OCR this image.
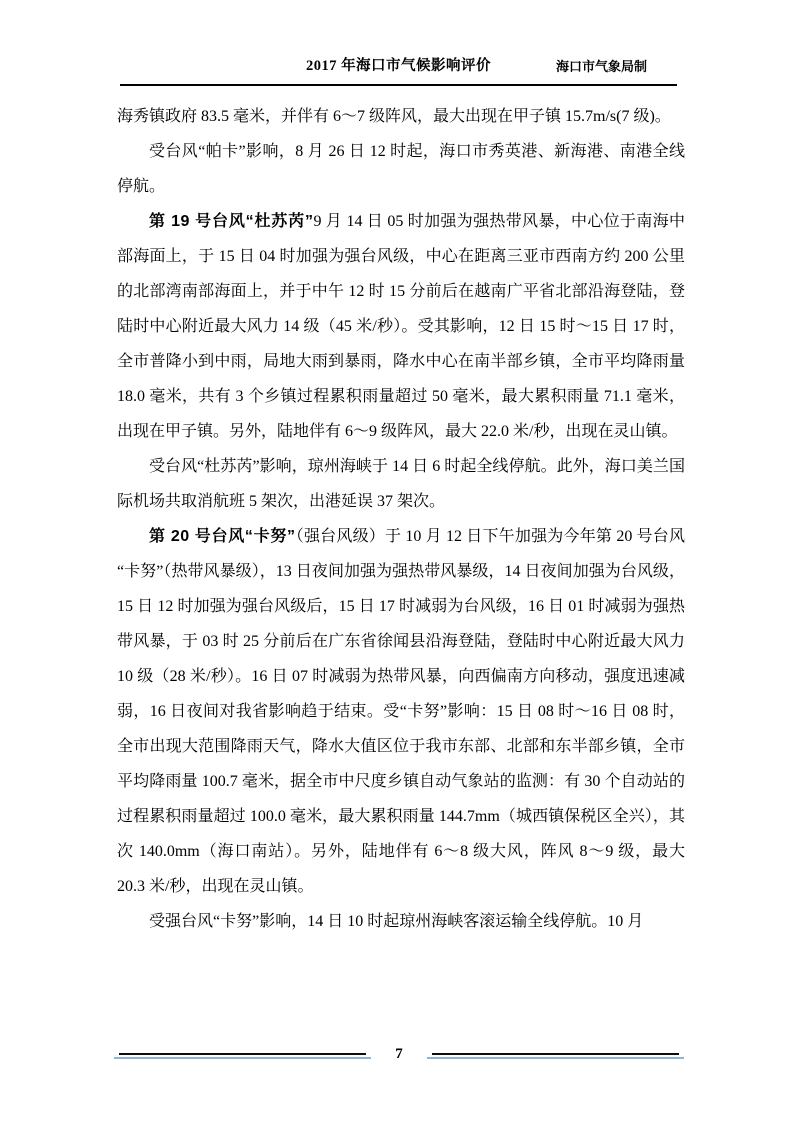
2017 年海口市气候影响评价	海口市气象局制

海秀镇政府 83.5 毫米，并伴有 6～7 级阵风，最大出现在甲子镇 15.7m/s(7 级)。

受台风“帕卡”影响，8 月 26 日 12 时起，海口市秀英港、新海港、南港全线停航。

第 19 号台风“杜苏芮”9 月 14 日 05 时加强为强热带风暴，中心位于南海中部海面上，于 15 日 04 时加强为强台风级，中心在距离三亚市西南方约 200 公里的北部湾南部海面上，并于中午 12 时 15 分前后在越南广平省北部沿海登陆，登陆时中心附近最大风力 14 级（45 米/秒）。受其影响，12 日 15 时～15 日 17 时，全市普降小到中雨，局地大雨到暴雨，降水中心在南半部乡镇，全市平均降雨量 18.0 毫米，共有 3 个乡镇过程累积雨量超过 50 毫米，最大累积雨量 71.1 毫米，出现在甲子镇。另外，陆地伴有 6～9 级阵风，最大 22.0 米/秒，出现在灵山镇。

受台风“杜苏芮”影响，琼州海峡于 14 日 6 时起全线停航。此外，海口美兰国际机场共取消航班 5 架次，出港延误 37 架次。

第 20 号台风“卡努”（强台风级）于 10 月 12 日下午加强为今年第 20 号台风“卡努”（热带风暴级），13 日夜间加强为强热带风暴级，14 日夜间加强为台风级，15 日 12 时加强为强台风级后，15 日 17 时减弱为台风级，16 日 01 时减弱为强热带风暴，于 03 时 25 分前后在广东省徐闻县沿海登陆，登陆时中心附近最大风力 10 级（28 米/秒）。16 日 07 时减弱为热带风暴，向西偏南方向移动，强度迅速减弱，16 日夜间对我省影响趋于结束。受“卡努”影响：15 日 08 时～16 日 08 时，全市出现大范围降雨天气，降水大值区位于我市东部、北部和东半部乡镇，全市平均降雨量 100.7 毫米，据全市中尺度乡镇自动气象站的监测：有 30 个自动站的过程累积雨量超过 100.0 毫米，最大累积雨量 144.7mm（城西镇保税区全兴），其次 140.0mm（海口南站）。另外，陆地伴有 6～8 级大风，阵风 8～9 级，最大 20.3 米/秒，出现在灵山镇。

受强台风“卡努”影响，14 日 10 时起琼州海峡客滚运输全线停航。10 月

7
